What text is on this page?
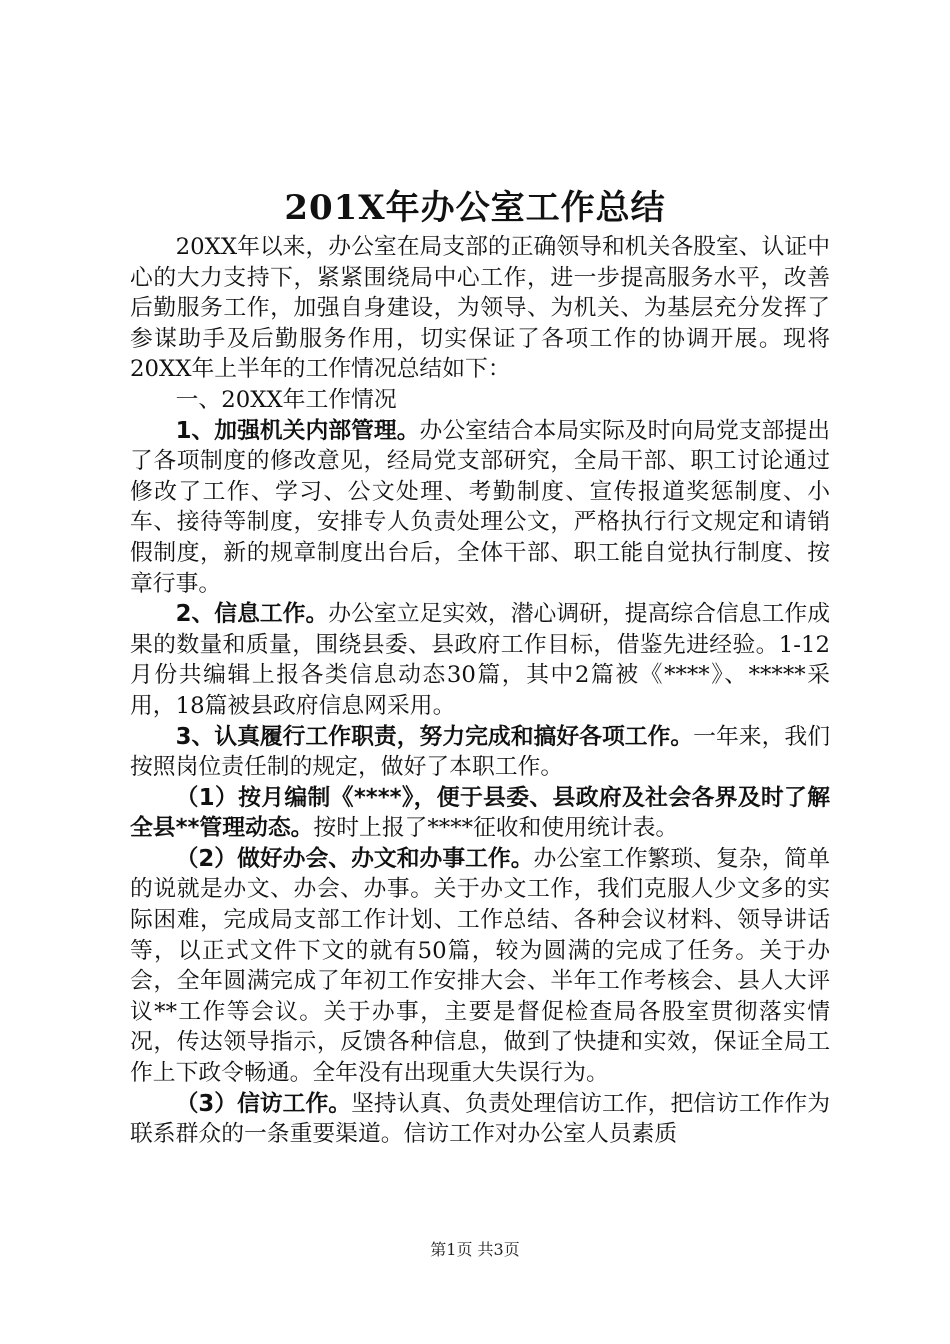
201X年办公室工作总结

20XX年以来，办公室在局支部的正确领导和机关各股室、认证中心的大力支持下，紧紧围绕局中心工作，进一步提高服务水平，改善后勤服务工作，加强自身建设，为领导、为机关、为基层充分发挥了参谋助手及后勤服务作用，切实保证了各项工作的协调开展。现将20XX年上半年的工作情况总结如下：

一、20XX年工作情况

1、加强机关内部管理。办公室结合本局实际及时向局党支部提出了各项制度的修改意见，经局党支部研究，全局干部、职工讨论通过修改了工作、学习、公文处理、考勤制度、宣传报道奖惩制度、小车、接待等制度，安排专人负责处理公文，严格执行行文规定和请销假制度，新的规章制度出台后，全体干部、职工能自觉执行制度、按章行事。

2、信息工作。办公室立足实效，潜心调研，提高综合信息工作成果的数量和质量，围绕县委、县政府工作目标，借鉴先进经验。1-12月份共编辑上报各类信息动态30篇，其中2篇被《****》、*****采用，18篇被县政府信息网采用。

3、认真履行工作职责，努力完成和搞好各项工作。一年来，我们按照岗位责任制的规定，做好了本职工作。

（1）按月编制《****》，便于县委、县政府及社会各界及时了解全县**管理动态。按时上报了****征收和使用统计表。

（2）做好办会、办文和办事工作。办公室工作繁琐、复杂，简单的说就是办文、办会、办事。关于办文工作，我们克服人少文多的实际困难，完成局支部工作计划、工作总结、各种会议材料、领导讲话等，以正式文件下文的就有50篇，较为圆满的完成了任务。关于办会，全年圆满完成了年初工作安排大会、半年工作考核会、县人大评议**工作等会议。关于办事，主要是督促检查局各股室贯彻落实情况，传达领导指示，反馈各种信息，做到了快捷和实效，保证全局工作上下政令畅通。全年没有出现重大失误行为。

（3）信访工作。坚持认真、负责处理信访工作，把信访工作作为联系群众的一条重要渠道。信访工作对办公室人员素质

第1页 共3页
